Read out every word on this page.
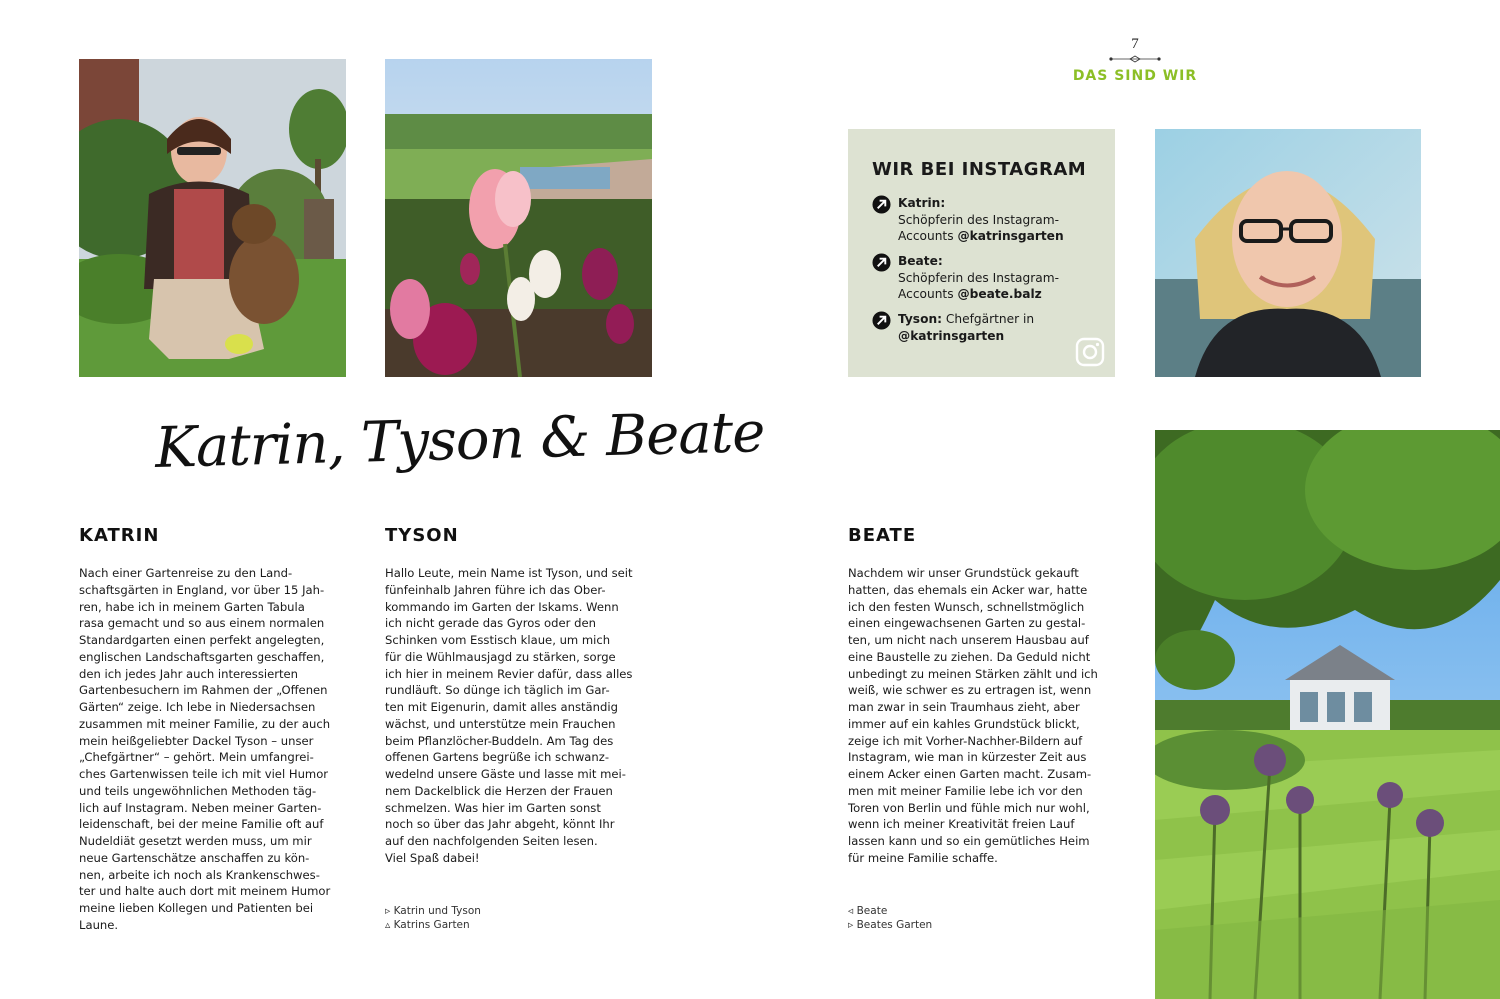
7
DAS SIND WIR
WIR BEI INSTAGRAM
Katrin:
Schöpferin des Instagram-
Accounts @katrinsgarten
Beate:
Schöpferin des Instagram-
Accounts @beate.balz
Tyson: Chefgärtner in
@katrinsgarten
Katrin, Tyson & Beate
KATRIN
Nach einer Gartenreise zu den Land-
schaftsgärten in England, vor über 15 Jah-
ren, habe ich in meinem Garten Tabula
rasa gemacht und so aus einem normalen
Standardgarten einen perfekt angelegten,
englischen Landschaftsgarten geschaffen,
den ich jedes Jahr auch interessierten
Gartenbesuchern im Rahmen der „Offenen
Gärten“ zeige. Ich lebe in Niedersachsen
zusammen mit meiner Familie, zu der auch
mein heißgeliebter Dackel Tyson – unser
„Chefgärtner“ – gehört. Mein umfangrei-
ches Gartenwissen teile ich mit viel Humor
und teils ungewöhnlichen Methoden täg-
lich auf Instagram. Neben meiner Garten-
leidenschaft, bei der meine Familie oft auf
Nudeldiät gesetzt werden muss, um mir
neue Gartenschätze anschaffen zu kön-
nen, arbeite ich noch als Krankenschwes-
ter und halte auch dort mit meinem Humor
meine lieben Kollegen und Patienten bei
Laune.
TYSON
Hallo Leute, mein Name ist Tyson, und seit
fünfeinhalb Jahren führe ich das Ober-
kommando im Garten der Iskams. Wenn
ich nicht gerade das Gyros oder den
Schinken vom Esstisch klaue, um mich
für die Wühlmausjagd zu stärken, sorge
ich hier in meinem Revier dafür, dass alles
rundläuft. So dünge ich täglich im Gar-
ten mit Eigenurin, damit alles anständig
wächst, und unterstütze mein Frauchen
beim Pflanzlöcher-Buddeln. Am Tag des
offenen Gartens begrüße ich schwanz-
wedelnd unsere Gäste und lasse mit mei-
nem Dackelblick die Herzen der Frauen
schmelzen. Was hier im Garten sonst
noch so über das Jahr abgeht, könnt Ihr
auf den nachfolgenden Seiten lesen.
Viel Spaß dabei!
▹ Katrin und Tyson
▵ Katrins Garten
BEATE
Nachdem wir unser Grundstück gekauft
hatten, das ehemals ein Acker war, hatte
ich den festen Wunsch, schnellstmöglich
einen eingewachsenen Garten zu gestal-
ten, um nicht nach unserem Hausbau auf
eine Baustelle zu ziehen. Da Geduld nicht
unbedingt zu meinen Stärken zählt und ich
weiß, wie schwer es zu ertragen ist, wenn
man zwar in sein Traumhaus zieht, aber
immer auf ein kahles Grundstück blickt,
zeige ich mit Vorher-Nachher-Bildern auf
Instagram, wie man in kürzester Zeit aus
einem Acker einen Garten macht. Zusam-
men mit meiner Familie lebe ich vor den
Toren von Berlin und fühle mich nur wohl,
wenn ich meiner Kreativität freien Lauf
lassen kann und so ein gemütliches Heim
für meine Familie schaffe.
◃ Beate
▹ Beates Garten
